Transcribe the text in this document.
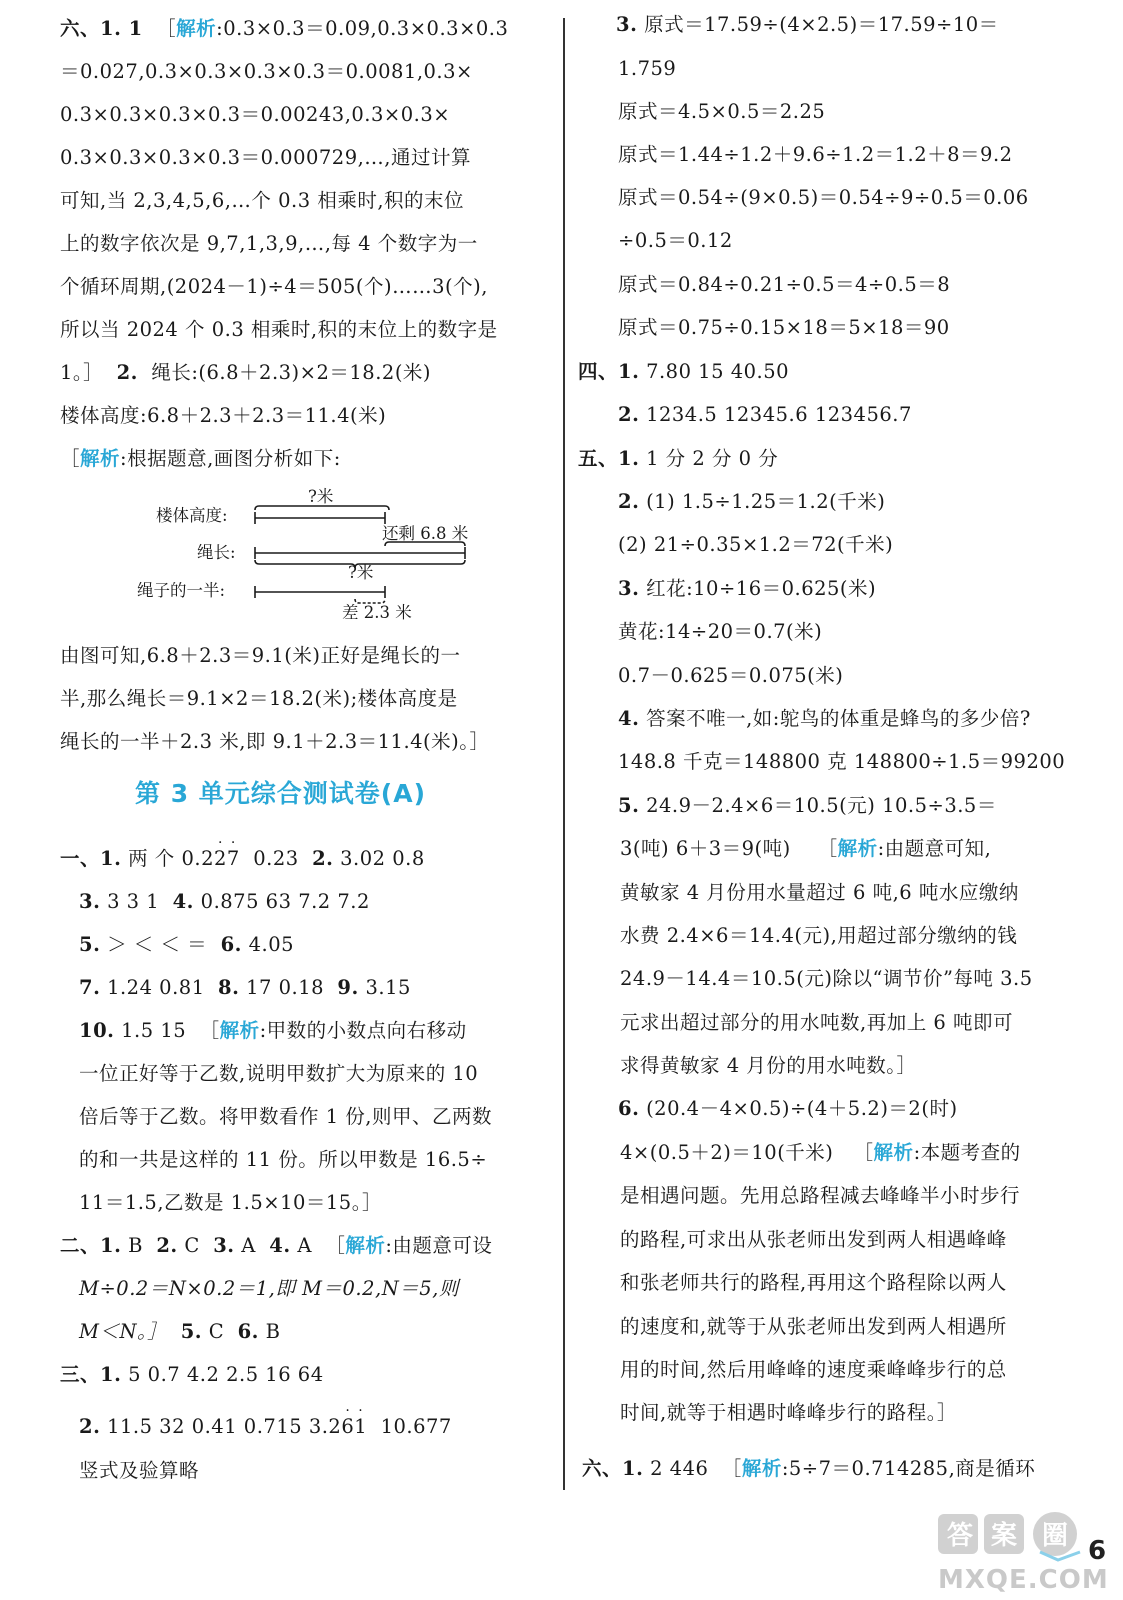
六、1. 1 ［解析:0.3×0.3＝0.09,0.3×0.3×0.3
＝0.027,0.3×0.3×0.3×0.3＝0.0081,0.3×
0.3×0.3×0.3×0.3＝0.00243,0.3×0.3×
0.3×0.3×0.3×0.3＝0.000729,…,通过计算
可知,当 2,3,4,5,6,…个 0.3 相乘时,积的末位
上的数字依次是 9,7,1,3,9,…,每 4 个数字为一
个循环周期,(2024－1)÷4＝505(个)……3(个),
所以当 2024 个 0.3 相乘时,积的末位上的数字是
1。］ 2. 绳长:(6.8＋2.3)×2＝18.2(米)
楼体高度:6.8＋2.3＋2.3＝11.4(米)
［解析:根据题意,画图分析如下:
楼体高度:
绳长:
绳子的一半:
?米
还剩 6.8 米
?米
差 2.3 米
由图可知,6.8＋2.3＝9.1(米)正好是绳长的一
半,那么绳长＝9.1×2＝18.2(米);楼体高度是
绳长的一半＋2.3 米,即 9.1＋2.3＝11.4(米)。］
第 3 单元综合测试卷(A)
一、1. 两 个 0.2
·
2
·
7 0.23 2. 3.02 0.8
3. 3 3 1 4. 0.875 63 7.2 7.2
5. ＞ ＜ ＜ ＝ 6. 4.05
7. 1.24 0.81 8. 17 0.18 9. 3.15
10. 1.5 15 ［解析:甲数的小数点向右移动
一位正好等于乙数,说明甲数扩大为原来的 10
倍后等于乙数。将甲数看作 1 份,则甲、乙两数
的和一共是这样的 11 份。所以甲数是 16.5÷
11＝1.5,乙数是 1.5×10＝15。］
二、1. B 2. C 3. A 4. A ［解析:由题意可设
M÷0.2＝N×0.2＝1,即 M＝0.2,N＝5,则
M＜N。］ 5. C 6. B
三、1. 5 0.7 4.2 2.5 16 64
2. 11.5 32 0.41 0.715 3.2
·
6
·
1 10.677
竖式及验算略
3. 原式＝17.59÷(4×2.5)＝17.59÷10＝
1.759
原式＝4.5×0.5＝2.25
原式＝1.44÷1.2＋9.6÷1.2＝1.2＋8＝9.2
原式＝0.54÷(9×0.5)＝0.54÷9÷0.5＝0.06
÷0.5＝0.12
原式＝0.84÷0.21÷0.5＝4÷0.5＝8
原式＝0.75÷0.15×18＝5×18＝90
四、1. 7.80 15 40.50
2. 1234.5 12345.6 123456.7
五、1. 1 分 2 分 0 分
2. (1) 1.5÷1.25＝1.2(千米)
(2) 21÷0.35×1.2＝72(千米)
3. 红花:10÷16＝0.625(米)
黄花:14÷20＝0.7(米)
0.7－0.625＝0.075(米)
4. 答案不唯一,如:鸵鸟的体重是蜂鸟的多少倍?
148.8 千克＝148800 克 148800÷1.5＝99200
5. 24.9－2.4×6＝10.5(元) 10.5÷3.5＝
3(吨) 6＋3＝9(吨) ［解析:由题意可知,
黄敏家 4 月份用水量超过 6 吨,6 吨水应缴纳
水费 2.4×6＝14.4(元),用超过部分缴纳的钱
24.9－14.4＝10.5(元)除以“调节价”每吨 3.5
元求出超过部分的用水吨数,再加上 6 吨即可
求得黄敏家 4 月份的用水吨数。］
6. (20.4－4×0.5)÷(4＋5.2)＝2(时)
4×(0.5＋2)＝10(千米) ［解析:本题考查的
是相遇问题。先用总路程减去峰峰半小时步行
的路程,可求出从张老师出发到两人相遇峰峰
和张老师共行的路程,再用这个路程除以两人
的速度和,就等于从张老师出发到两人相遇所
用的时间,然后用峰峰的速度乘峰峰步行的总
时间,就等于相遇时峰峰步行的路程。］
六、1. 2 446 ［解析:5÷7＝0.714285,商是循环
答 案 圈
MXQE.COM
6
